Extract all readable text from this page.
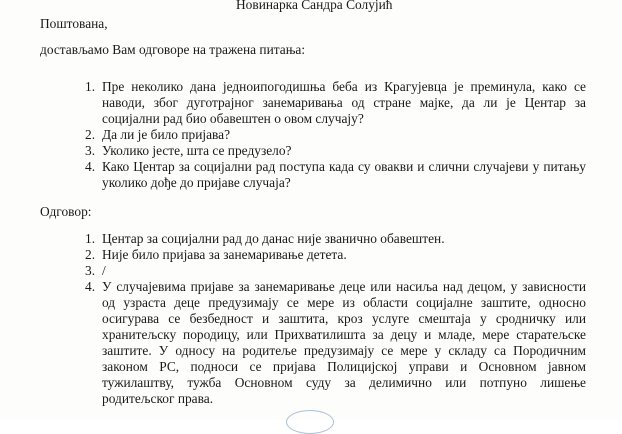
Новинарка Сандра Солујић
Поштована,
достављамо Вам одговоре на тражена питања:
1. Пре неколико дана једноипогодишња беба из Крагујевца је преминула, како се
наводи, због дуготрајног занемаривања од стране мајке, да ли је Центар за
социјални рад био обавештен о овом случају?
2. Да ли је било пријава?
3. Уколико јесте, шта се предузело?
4. Како Центар за социјални рад поступа када су овакви и слични случајеви у питању
уколико дође до пријаве случаја?
Одговор:
1. Центар за социјални рад до данас није званично обавештен.
2. Није било пријава за занемаривање детета.
3. /
4. У случајевима пријаве за занемаривање деце или насиља над децом, у зависности
од узраста деце предузимају се мере из области социјалне заштите, односно
осигурава се безбедност и заштита, кроз услуге смештаја у сродничку или
хранитељску породицу, или Прихватилишта за децу и младе, мере старатељске
заштите. У односу на родитеље предузимају се мере у складу са Породичним
законом РС, подноси се пријава Полицијској управи и Основном јавном
тужилаштву, тужба Основном суду за делимично или потпуно лишење
родитељског права.
